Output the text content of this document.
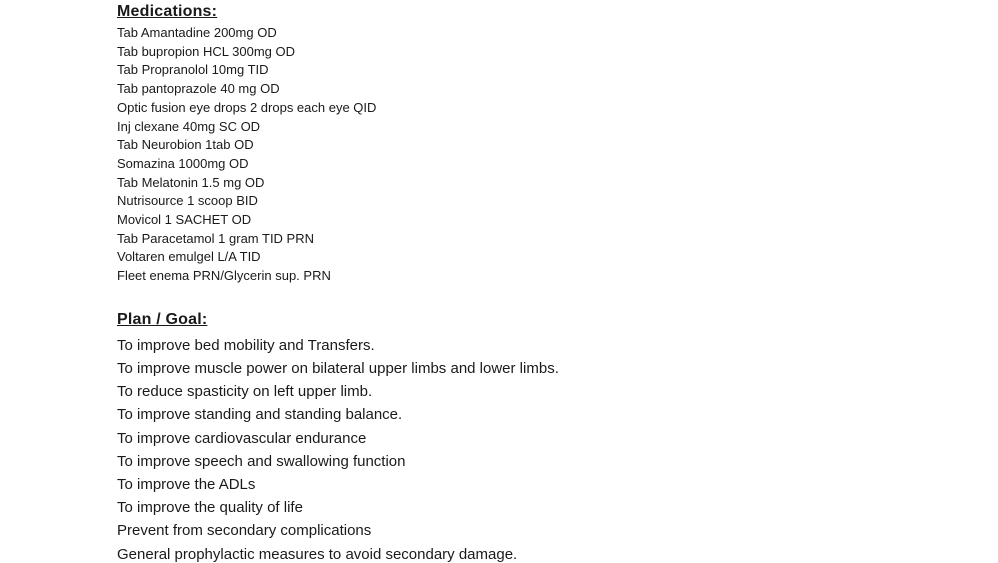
Medications:
Tab Amantadine 200mg OD
Tab bupropion HCL 300mg OD
Tab Propranolol 10mg TID
Tab pantoprazole 40 mg OD
Optic fusion eye drops 2 drops each eye QID
Inj clexane 40mg SC OD
Tab Neurobion 1tab OD
Somazina 1000mg OD
Tab Melatonin 1.5 mg OD
Nutrisource 1 scoop BID
Movicol 1 SACHET OD
Tab Paracetamol 1 gram TID PRN
Voltaren emulgel L/A TID
Fleet enema PRN/Glycerin sup. PRN
Plan / Goal:
To improve bed mobility and Transfers.
To improve muscle power on bilateral upper limbs and lower limbs.
To reduce spasticity on left upper limb.
To improve standing and standing balance.
To improve cardiovascular endurance
To improve speech and swallowing function
To improve the ADLs
To improve the quality of life
Prevent from secondary complications
General prophylactic measures to avoid secondary damage.
